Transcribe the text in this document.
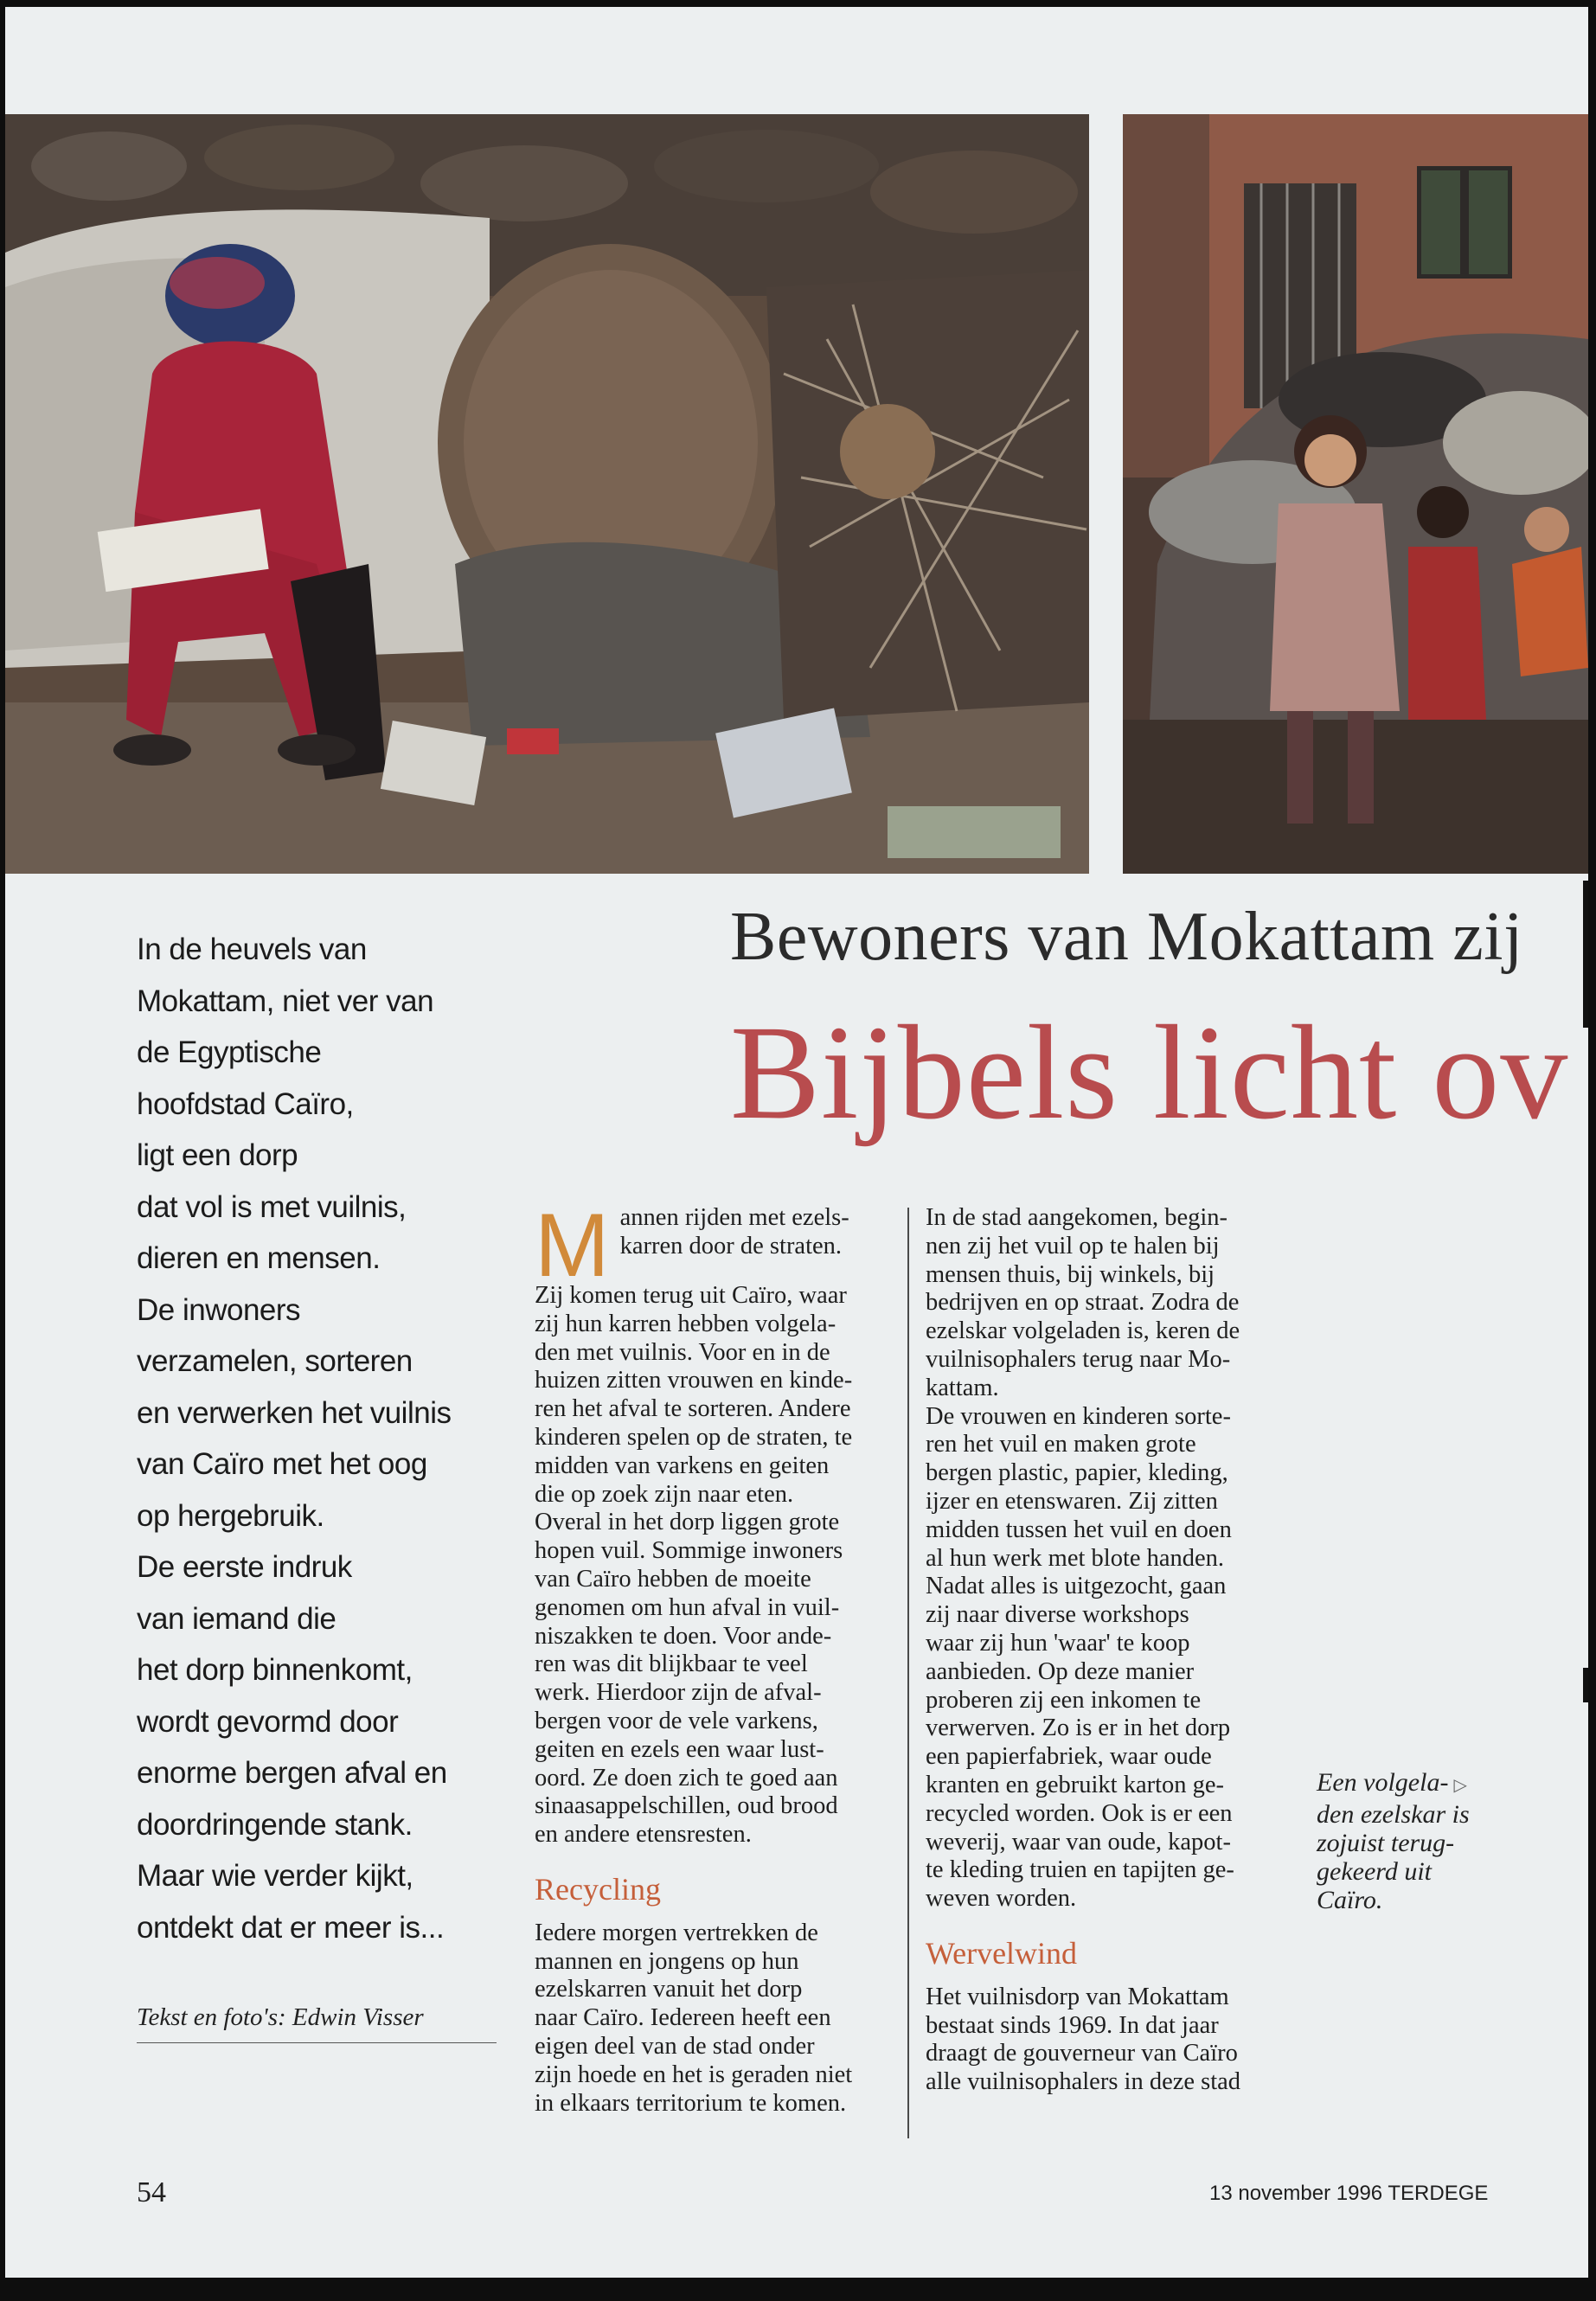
In de heuvels van
Mokattam, niet ver van
de Egyptische
hoofdstad Caïro,
ligt een dorp
dat vol is met vuilnis,
dieren en mensen.
De inwoners
verzamelen, sorteren
en verwerken het vuilnis
van Caïro met het oog
op hergebruik.
De eerste indruk
van iemand die
het dorp binnenkomt,
wordt gevormd door
enorme bergen afval en
doordringende stank.
Maar wie verder kijkt,
ontdekt dat er meer is...
Tekst en foto's: Edwin Visser
Bewoners van Mokattam zij
Bijbels licht ov
M annen rijden met ezels-
karren door de straten.
Zij komen terug uit Caïro, waar
zij hun karren hebben volgela-
den met vuilnis. Voor en in de
huizen zitten vrouwen en kinde-
ren het afval te sorteren. Andere
kinderen spelen op de straten, te
midden van varkens en geiten
die op zoek zijn naar eten.
Overal in het dorp liggen grote
hopen vuil. Sommige inwoners
van Caïro hebben de moeite
genomen om hun afval in vuil-
niszakken te doen. Voor ande-
ren was dit blijkbaar te veel
werk. Hierdoor zijn de afval-
bergen voor de vele varkens,
geiten en ezels een waar lust-
oord. Ze doen zich te goed aan
sinaasappelschillen, oud brood
en andere etensresten.
Recycling
Iedere morgen vertrekken de
mannen en jongens op hun
ezelskarren vanuit het dorp
naar Caïro. Iedereen heeft een
eigen deel van de stad onder
zijn hoede en het is geraden niet
in elkaars territorium te komen.
In de stad aangekomen, begin-
nen zij het vuil op te halen bij
mensen thuis, bij winkels, bij
bedrijven en op straat. Zodra de
ezelskar volgeladen is, keren de
vuilnisophalers terug naar Mo-
kattam.
De vrouwen en kinderen sorte-
ren het vuil en maken grote
bergen plastic, papier, kleding,
ijzer en etenswaren. Zij zitten
midden tussen het vuil en doen
al hun werk met blote handen.
Nadat alles is uitgezocht, gaan
zij naar diverse workshops
waar zij hun 'waar' te koop
aanbieden. Op deze manier
proberen zij een inkomen te
verwerven. Zo is er in het dorp
een papierfabriek, waar oude
kranten en gebruikt karton ge-
recycled worden. Ook is er een
weverij, waar van oude, kapot-
te kleding truien en tapijten ge-
weven worden.
Wervelwind
Het vuilnisdorp van Mokattam
bestaat sinds 1969. In dat jaar
draagt de gouverneur van Caïro
alle vuilnisophalers in deze stad
Een volgela- ▷
den ezelskar is
zojuist terug-
gekeerd uit
Caïro.
54	13 november 1996 TERDEGE
